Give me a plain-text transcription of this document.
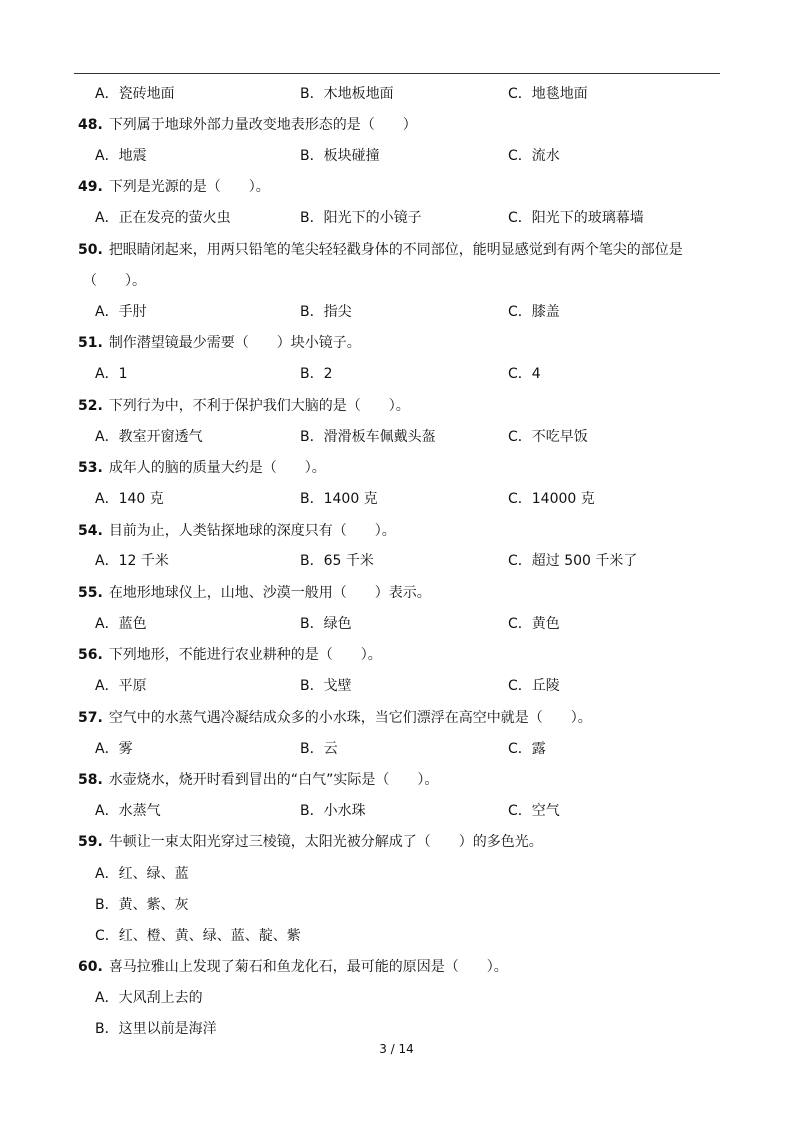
A．瓷砖地面	B．木地板地面	C．地毯地面
48. 下列属于地球外部力量改变地表形态的是（　　）
A．地震	B．板块碰撞	C．流水
49. 下列是光源的是（　　）。
A．正在发亮的萤火虫	B．阳光下的小镜子	C．阳光下的玻璃幕墙
50. 把眼睛闭起来，用两只铅笔的笔尖轻轻戳身体的不同部位，能明显感觉到有两个笔尖的部位是
（　　）。
A．手肘	B．指尖	C．膝盖
51. 制作潜望镜最少需要（　　）块小镜子。
A．1	B．2	C．4
52. 下列行为中，不利于保护我们大脑的是（　　）。
A．教室开窗透气	B．滑滑板车佩戴头盔	C．不吃早饭
53. 成年人的脑的质量大约是（　　）。
A．140 克	B．1400 克	C．14000 克
54. 目前为止，人类钻探地球的深度只有（　　）。
A．12 千米	B．65 千米	C．超过 500 千米了
55. 在地形地球仪上，山地、沙漠一般用（　　）表示。
A．蓝色	B．绿色	C．黄色
56. 下列地形，不能进行农业耕种的是（　　）。
A．平原	B．戈壁	C．丘陵
57. 空气中的水蒸气遇冷凝结成众多的小水珠，当它们漂浮在高空中就是（　　）。
A．雾	B．云	C．露
58. 水壶烧水，烧开时看到冒出的“白气”实际是（　　）。
A．水蒸气	B．小水珠	C．空气
59. 牛顿让一束太阳光穿过三棱镜，太阳光被分解成了（　　）的多色光。
A．红、绿、蓝
B．黄、紫、灰
C．红、橙、黄、绿、蓝、靛、紫
60. 喜马拉雅山上发现了菊石和鱼龙化石，最可能的原因是（　　）。
A．大风刮上去的
B．这里以前是海洋
3 / 14
